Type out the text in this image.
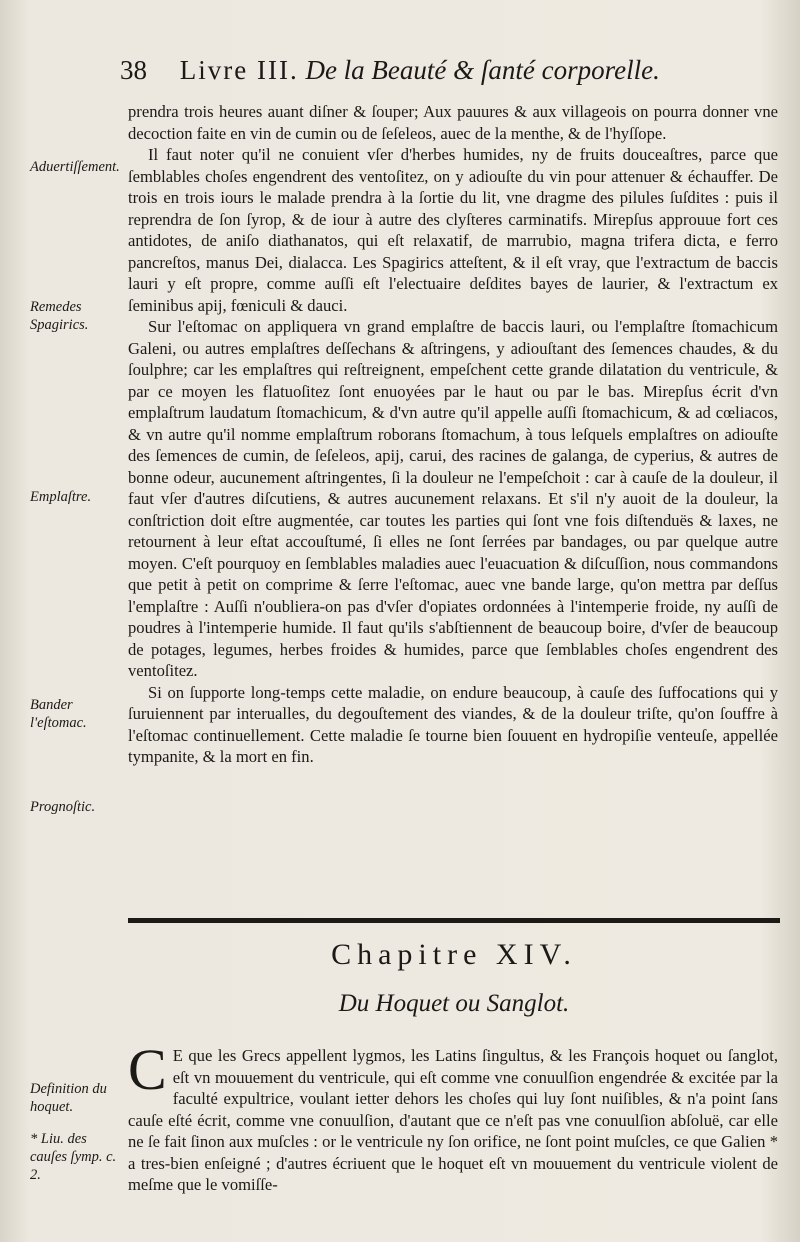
38 Livre III. De la Beauté & ſanté corporelle.

prendra trois heures auant diſner & ſouper; Aux pauures & aux villageois on pourra donner vne decoction faite en vin de cumin ou de ſeſeleos, auec de la menthe, & de l'hyſſope.

Il faut noter qu'il ne conuient vſer d'herbes humides, ny de fruits douceaſtres, parce que ſemblables choſes engendrent des ventoſitez, on y adiouſte du vin pour attenuer & échauffer. De trois en trois iours le malade prendra à la ſortie du lit, vne dragme des pilules ſuſdites : puis il reprendra de ſon ſyrop, & de iour à autre des clyſteres carminatifs. Mirepſus approuue fort ces antidotes, de aniſo diathanatos, qui eſt relaxatif, de marrubio, magna trifera dicta, e ferro pancreſtos, manus Dei, dialacca. Les Spagirics atteſtent, & il eſt vray, que l'extractum de baccis lauri y eſt propre, comme auſſi eſt l'electuaire deſdites bayes de laurier, & l'extractum ex ſeminibus apij, fœniculi & dauci.

Sur l'eſtomac on appliquera vn grand emplaſtre de baccis lauri, ou l'emplaſtre ſtomachicum Galeni, ou autres emplaſtres deſſechans & aſtringens, y adiouſtant des ſemences chaudes, & du ſoulphre; car les emplaſtres qui reſtreignent, empeſchent cette grande dilatation du ventricule, & par ce moyen les flatuoſitez ſont enuoyées par le haut ou par le bas. Mirepſus écrit d'vn emplaſtrum laudatum ſtomachicum, & d'vn autre qu'il appelle auſſi ſtomachicum, & ad cœliacos, & vn autre qu'il nomme emplaſtrum roborans ſtomachum, à tous leſquels emplaſtres on adiouſte des ſemences de cumin, de ſeſeleos, apij, carui, des racines de galanga, de cyperius, & autres de bonne odeur, aucunement aſtringentes, ſi la douleur ne l'empeſchoit : car à cauſe de la douleur, il faut vſer d'autres diſcutiens, & autres aucunement relaxans. Et s'il n'y auoit de la douleur, la conſtriction doit eſtre augmentée, car toutes les parties qui ſont vne fois diſtenduës & laxes, ne retournent à leur eſtat accouſtumé, ſi elles ne ſont ſerrées par bandages, ou par quelque autre moyen. C'eſt pourquoy en ſemblables maladies auec l'euacuation & diſcuſſion, nous commandons que petit à petit on comprime & ſerre l'eſtomac, auec vne bande large, qu'on mettra par deſſus l'emplaſtre : Auſſi n'oubliera-on pas d'vſer d'opiates ordonnées à l'intemperie froide, ny auſſi de poudres à l'intemperie humide. Il faut qu'ils s'abſtiennent de beaucoup boire, d'vſer de beaucoup de potages, legumes, herbes froides & humides, parce que ſemblables choſes engendrent des ventoſitez.

Si on ſupporte long-temps cette maladie, on endure beaucoup, à cauſe des ſuffocations qui y ſuruiennent par interualles, du degouſtement des viandes, & de la douleur triſte, qu'on ſouffre à l'eſtomac continuellement. Cette maladie ſe tourne bien ſouuent en hydropiſie venteuſe, appellée tympanite, & la mort en fin.

Aduertiſſement.
Remedes Spagirics.
Emplaſtre.
Bander l'eſtomac.
Prognoſtic.
Definition du hoquet.
* Liu. des cauſes ſymp. c. 2.
Chapitre XIV.
Du Hoquet ou Sanglot.

C E que les Grecs appellent lygmos, les Latins ſingultus, & les François hoquet ou ſanglot, eſt vn mouuement du ventricule, qui eſt comme vne conuulſion engendrée & excitée par la faculté expultrice, voulant ietter dehors les choſes qui luy ſont nuiſibles, & n'a point ſans cauſe eſté écrit, comme vne conuulſion, d'autant que ce n'eſt pas vne conuulſion abſoluë, car elle ne ſe fait ſinon aux muſcles : or le ventricule ny ſon orifice, ne ſont point muſcles, ce que Galien * a tres-bien enſeigné ; d'autres écriuent que le hoquet eſt vn mouuement du ventricule violent de meſme que le vomiſſe-
